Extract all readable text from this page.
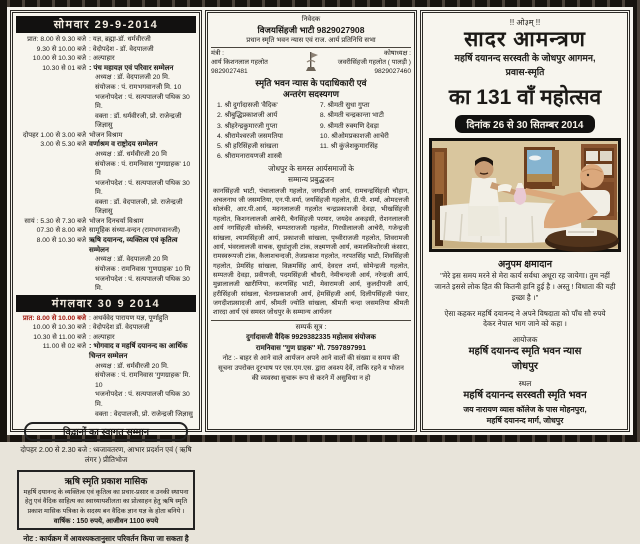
सोमवार 29-9-2014
प्रात: 8.00 से 9.30 बजे : यज्ञ, ब्रह्मा-डॉ. धर्मवीरजी
9.30 से 10.00 बजे : वेदोपदेश - डॉ. वेदपालजी
10.00 से 10.30 बजे : अल्पाहार
10.30 से 01 बजे : पंच महायज्ञ एवं परिवार सम्मेलन
अध्यक्ष : डॉ. वेदपालजी 20 मि.
संयोजक : पं. रामभगवानजी मि. 10
भजनोपदेश : पं. सत्यपालजी पथिक 30 मि.
वक्ता : डॉ. धर्मवीरजी, प्रो. राजेन्द्रजी जिज्ञासु
दोपहर 1.00 से 3.00 बजे भोजन विश्राम
3.00 से 5.30 बजे वर्णाश्रम व राष्ट्रोदय सम्मेलन
अध्यक्ष : डॉ. धर्मवीरजी 20 मि
संयोजक : पं. रामनिवास 'गुणग्राहक' 10 मि
भजनोपदेश : पं. सत्यपालजी पथिक 30 मि.
वक्ता : डॉ. वेदपालजी, प्रो. राजेन्द्रजी जिज्ञासु
सायं : 5.30 से 7.30 बजे भोजन दिनचर्या विश्राम
07.30 से 8.00 बजे सामूहिक संध्या-वन्दन (रामभगवानजी)
8.00 से 10.30 बजे ऋषि दयानन्द, व्यक्तित्व एवं कृतित्व सम्मेलन
अध्यक्ष : डॉ. वेदपालजी 20 मि
संयोजक : रामनिवास 'गुणग्राहक' 10 मि
भजनोपदेश : पं. सत्यपालजी पथिक 30 मि.
मंगलवार 30 9 2014
प्रात: 8.00 से 10.00 बजे : अथर्ववेद पारायण यज्ञ, पूर्णाहुति
10.00 से 10.30 बजे : वेदोपदेश डॉ. वेदपालजी
10.30 से 11.00 बजे : अल्पाहार
11.00 से 02 बजे : भोगवाद व महर्षि दयानन्द का आर्थिक चिन्तन सम्मेलन
अध्यक्ष : डॉ. धर्मवीरजी 20 मि.
संयोजक : पं. रामनिवास 'गुणग्राहक' मि. 10
भजनोपदेश : पं. सत्यपालजी पथिक 30 मि.
वक्ता : वेदपालजी, प्रो. राजेन्द्रजी जिज्ञासु
विद्वानों का स्वागत सम्मान
दोपहर 2.00 से 2.30 बजे : ध्वजावतरण, आभार प्रदर्शन एवं ( ऋषि लंगर ) प्रीतिभोज
ऋषि स्मृति प्रकाश मासिक
महर्षि दयानन्द के व्यक्तित्व एवं कृतित्व का प्रचार-प्रसार व उनकी स्थापना हेतु एवं वैदिक साहित्य का स्वाध्यायशीलता का प्रोत्साहन हेतु ऋषि स्मृति प्रकाश मासिक पत्रिका के सदस्य बन वैदिक ज्ञान यज्ञ के होता बनिये ।
वार्षिक : 150 रुपये, आजीवन 1100 रुपये
नोट : कार्यक्रम में आवश्यकतानुसार परिवर्तन किया जा सकता है
निवेदक
विजयसिंहजी भाटी 9829027908
प्रधान स्मृति भवन न्यास एवं राज. आर्य प्रतिनिधि सभा
मंत्री :
आर्य किशनलाल गहलोत
9829027481
कोषाध्यक्ष :
जवरीसिंहजी गहलोत ( पालड़ी )
9829027460
स्मृति भवन न्यास के पदाधिकारी एवं
अन्तरंग सदस्यगण
1. श्री दुर्गादासजी 'वैदिक'
2. श्रीबुद्धिप्रकाशजी आर्य
3. श्रीहरेन्द्रकुमारजी गुप्ता
4. श्रीरामेश्वरजी जसमतिया
5. श्री हरिसिंहजी सांखला
6. श्रीरामनारायणजी शास्त्री
7. श्रीमती सुधा गुप्ता
8. श्रीमती चन्द्रकान्ता भाटी
9. श्रीमती रुक्मणि देवड़ा
10. श्रीओमप्रकाशजी आचेरी
11. श्री कुंजेशकुमारसिंह
जोधपुर के समस्त आर्यसमाजों के
सम्मान्य प्रबुद्धजन
कानसिंहजी भाटी, पंचालालजी गहलोत, जगदीशजी आर्य, रामचन्द्रसिंहजी चौहान, अचलनाथ जी जसमतिया, एन.पी.वर्मा, जयसिंहजी गहलोत, डी.पी. शर्मा, ओमदत्तजी सोलंकी, आर.पी.आर्य, मदनलालजी गहलोत चन्द्रप्रकाशजी देवड़ा, भीखसिंहजी गहलोत, किशनलालजी आचेरी, चैनसिंहजी परमार, जयदेव अकड़सी, रोशनलालजी आर्य नगसिंहजी सोलंकी, चम्पतराजजी गहलोत, गिरधीलालजी आचेरी, गजेन्द्रजी सांखला, श्यामसिंहजी आर्य, प्रकाशजी सांखला, पृथ्वीराजजी गहलोत, शिवरामजी आर्य, भंवरलालजी वाचक, सुधांशुजी टांक, लक्ष्मणजी आर्य, कमलकिशोरजी कंसारा, रामस्वरूपजी टांक, कैलाशचन्दजी, तेजप्रकाश गहलोत, नरपतसिंह भाटी, शिवसिंहजी गहलोत, प्रेमसिंह सांखला, विक्रमसिंह आर्य, देवदत्त शर्मा, सोमेन्द्रजी गहलोत, सम्पतजी देवड़ा, प्रवीणजी, पदमसिंहजी चौधरी, नेमीचन्दजी आर्य, नरेन्द्रजी आर्य, मुन्नालालजी खारीणिया, करणसिंह भाटी, मेवारामजी आर्य, कुलदीपजी आर्य, हरीसिंहजी सांखला, चेतनप्रकाशजी आर्य, हेमसिंहजी आर्य, दिलीपसिंहजी पंवार, जगदीशप्रसादजी आर्य, श्रीमती ज्योति सांखला, श्रीमती चन्दा जसमतिया श्रीमती शारदा आर्य एवं समस्त जोधपुर के सम्मान्य आर्यजन
सम्पर्क सूत्र :
दुर्गादासजी वैदिक 9929382335 महोत्सव संयोजक
रामनिवास ''गुण ग्राहक'' मो. 7597897991
नोट :- बाहर से आने वाले आर्यजन अपने आने वालों की संख्या व समय की सूचना उपरोक्त दूरभाष पर एस.एम.एस. द्वारा अवश्य देवें, ताकि रहने व भोजन की व्यवस्था सुचारू रूप से करने में असुविधा न हो
!! ओ३म् !!
सादर आमन्त्रण
महर्षि दयानन्द सरस्वती के जोधपुर आगमन,
प्रवास-स्मृति
का 131 वाँ महोत्सव
दिनांक 26 से 30 सितम्बर 2014
अनुपम क्षमादान
''मेरे इस समय मरने से मेरा कार्य सर्वथा अधूरा रह जायेगा। तुम नहीं जानते इससे लोक हित की कितनी हानि हुई है । अस्तु ! विधाता की यही इच्छा है ।''
ऐसा कहकर महर्षि दयानन्द ने अपने विषदाता को पाँच सौ रुपये देकर नेपाल भाग जाने को कहा ।
आयोजक
महर्षि दयानन्द स्मृति भवन न्यास
जोधपुर
स्थल
महर्षि दयानन्द सरस्वती स्मृति भवन
जय नारायण व्यास कॉलेज के पास मोहनपुरा,
महर्षि दयानन्द मार्ग, जोधपुर
